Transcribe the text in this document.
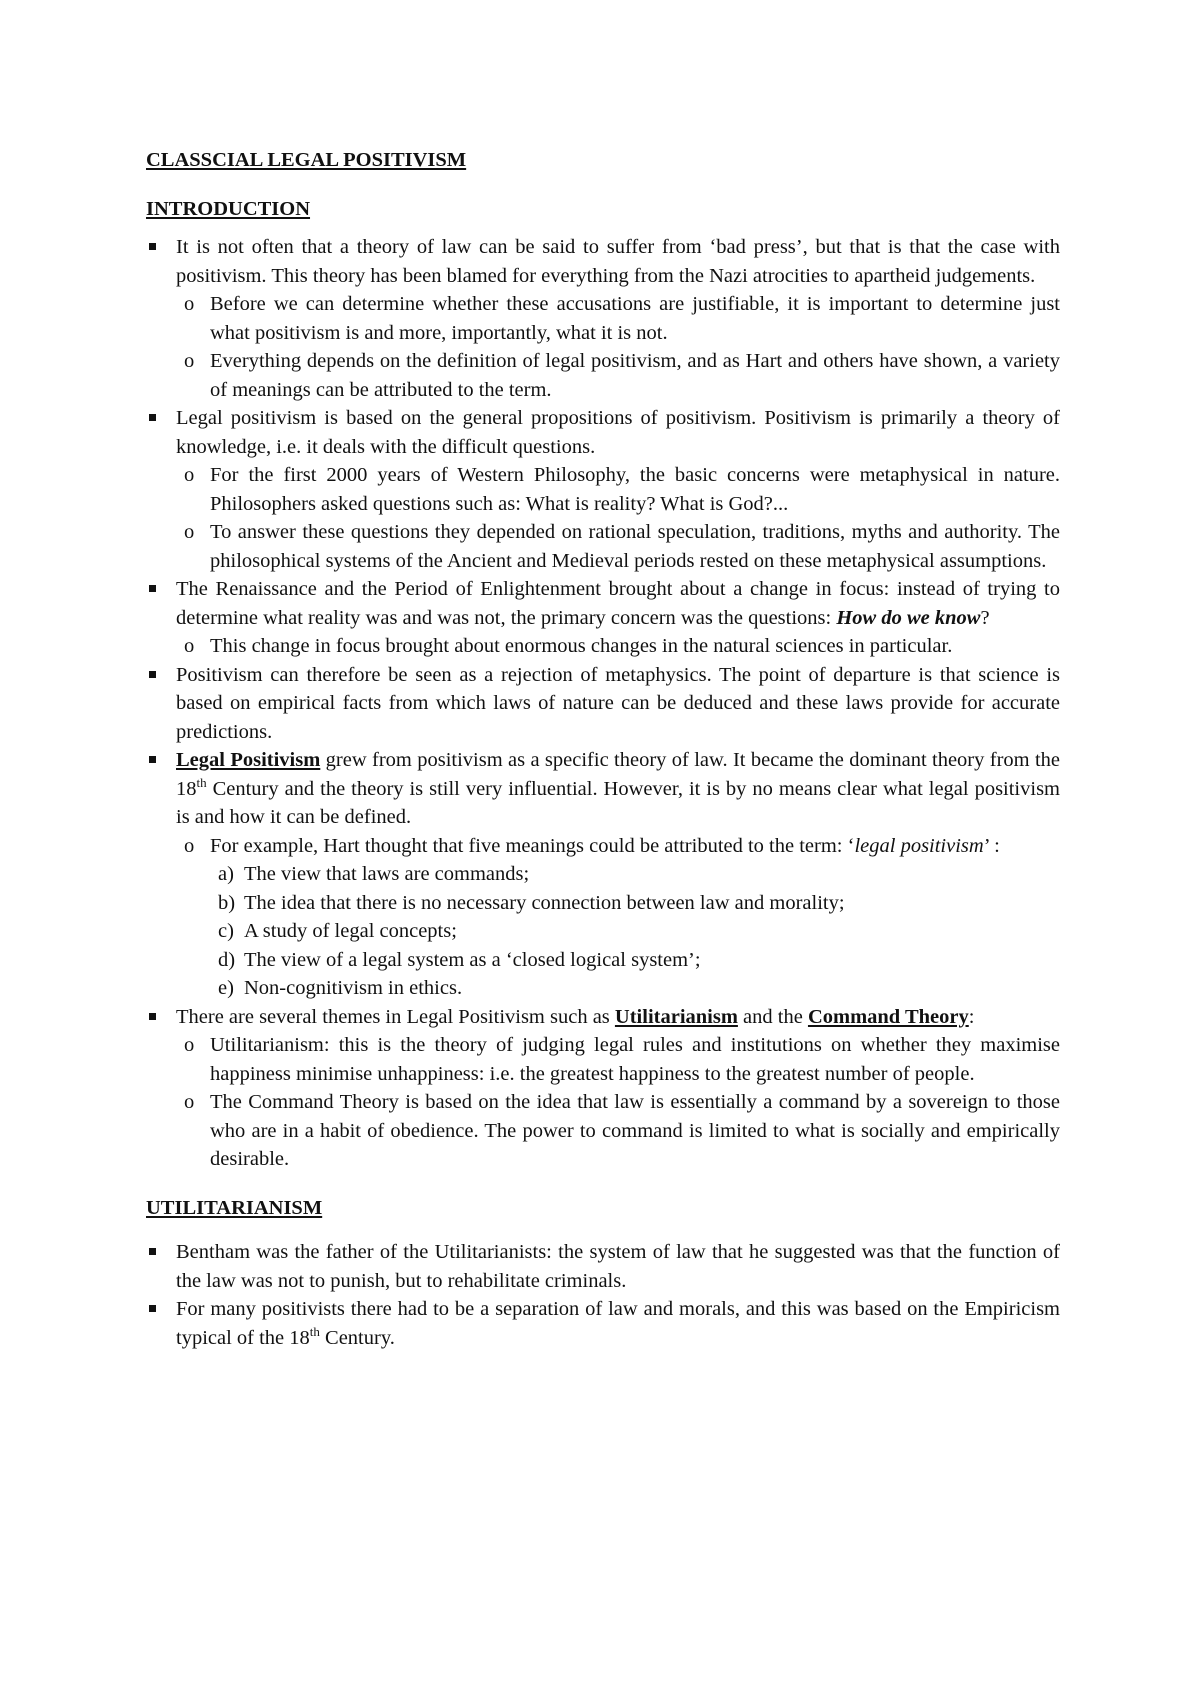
CLASSCIAL LEGAL POSITIVISM

INTRODUCTION

It is not often that a theory of law can be said to suffer from ‘bad press’, but that is that the case with positivism. This theory has been blamed for everything from the Nazi atrocities to apartheid judgements.
o Before we can determine whether these accusations are justifiable, it is important to determine just what positivism is and more, importantly, what it is not.
o Everything depends on the definition of legal positivism, and as Hart and others have shown, a variety of meanings can be attributed to the term.
Legal positivism is based on the general propositions of positivism. Positivism is primarily a theory of knowledge, i.e. it deals with the difficult questions.
o For the first 2000 years of Western Philosophy, the basic concerns were metaphysical in nature. Philosophers asked questions such as: What is reality? What is God?...
o To answer these questions they depended on rational speculation, traditions, myths and authority. The philosophical systems of the Ancient and Medieval periods rested on these metaphysical assumptions.
The Renaissance and the Period of Enlightenment brought about a change in focus: instead of trying to determine what reality was and was not, the primary concern was the questions: How do we know?
o This change in focus brought about enormous changes in the natural sciences in particular.
Positivism can therefore be seen as a rejection of metaphysics. The point of departure is that science is based on empirical facts from which laws of nature can be deduced and these laws provide for accurate predictions.
Legal Positivism grew from positivism as a specific theory of law. It became the dominant theory from the 18th Century and the theory is still very influential. However, it is by no means clear what legal positivism is and how it can be defined.
o For example, Hart thought that five meanings could be attributed to the term: ‘legal positivism’ :
a) The view that laws are commands;
b) The idea that there is no necessary connection between law and morality;
c) A study of legal concepts;
d) The view of a legal system as a ‘closed logical system’;
e) Non-cognitivism in ethics.
There are several themes in Legal Positivism such as Utilitarianism and the Command Theory:
o Utilitarianism: this is the theory of judging legal rules and institutions on whether they maximise happiness minimise unhappiness: i.e. the greatest happiness to the greatest number of people.
o The Command Theory is based on the idea that law is essentially a command by a sovereign to those who are in a habit of obedience. The power to command is limited to what is socially and empirically desirable.

UTILITARIANISM

Bentham was the father of the Utilitarianists: the system of law that he suggested was that the function of the law was not to punish, but to rehabilitate criminals.
For many positivists there had to be a separation of law and morals, and this was based on the Empiricism typical of the 18th Century.
